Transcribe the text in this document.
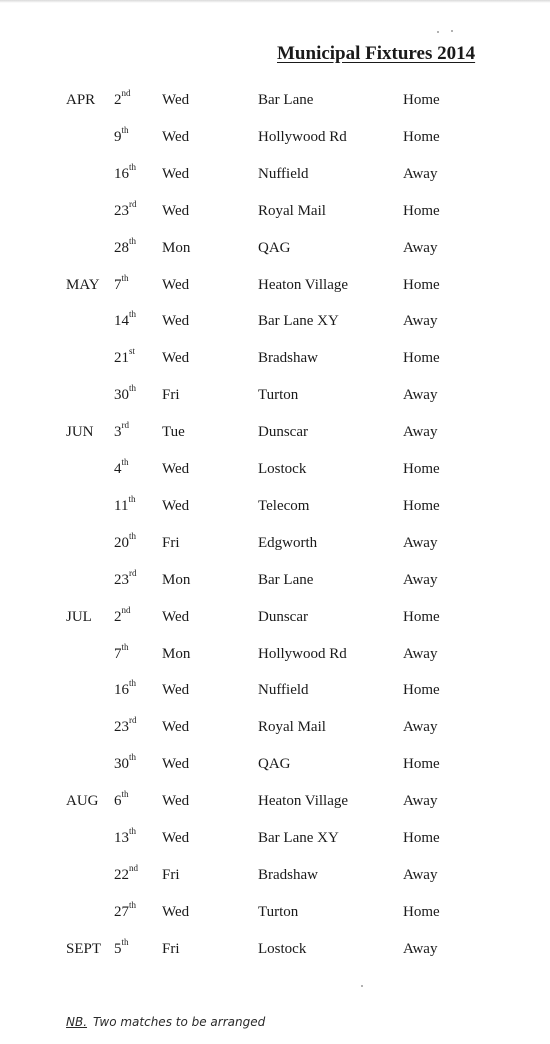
Municipal Fixtures 2014
APR 2nd Wed	Bar Lane	Home
9th Wed	Hollywood Rd	Home
16th Wed	Nuffield	Away
23rd Wed	Royal Mail	Home
28th Mon	QAG	Away
MAY 7th Wed	Heaton Village	Home
14th Wed	Bar Lane XY	Away
21st Wed	Bradshaw	Home
30th Fri	Turton	Away
JUN 3rd Tue	Dunscar	Away
4th Wed	Lostock	Home
11th Wed	Telecom	Home
20th Fri	Edgworth	Away
23rd Mon	Bar Lane	Away
JUL 2nd Wed	Dunscar	Home
7th Mon	Hollywood Rd	Away
16th Wed	Nuffield	Home
23rd Wed	Royal Mail	Away
30th Wed	QAG	Home
AUG 6th Wed	Heaton Village	Away
13th Wed	Bar Lane XY	Home
22nd Fri	Bradshaw	Away
27th Wed	Turton	Home
SEPT 5th Fri	Lostock	Away
NB. Two matches to be arranged
